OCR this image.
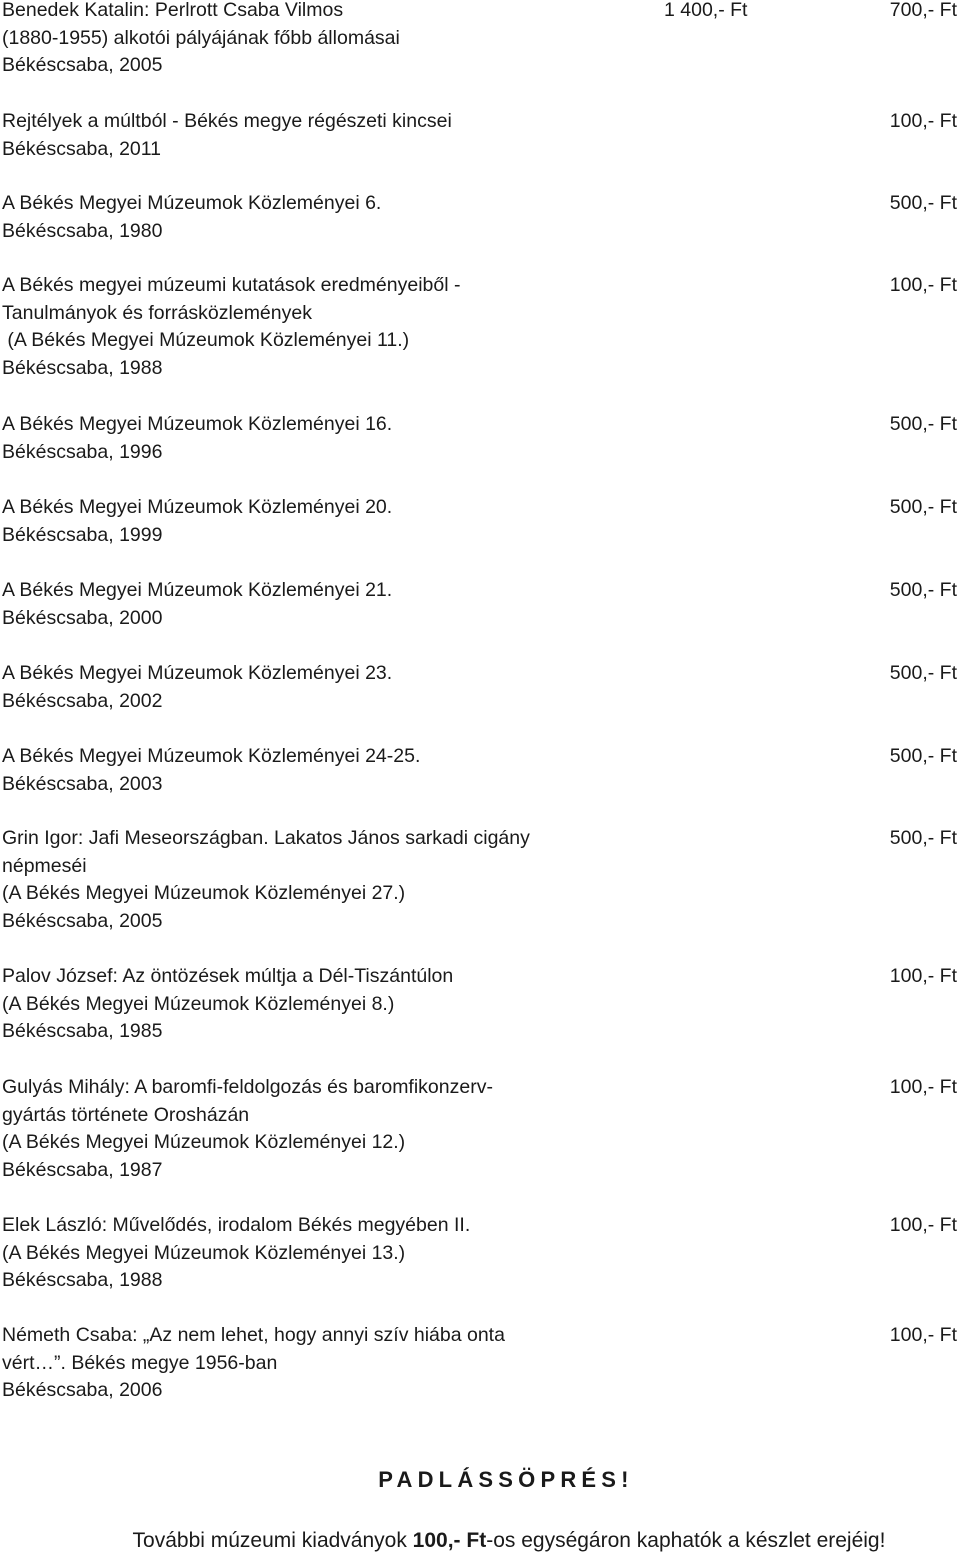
Benedek Katalin: Perlrott Csaba Vilmos
(1880-1955) alkotói pályájának főbb állomásai
Békéscsaba, 2005
1 400,- Ft	700,- Ft
Rejtélyek a múltból - Békés megye régészeti kincsei
Békéscsaba, 2011
100,- Ft
A Békés Megyei Múzeumok Közleményei 6.
Békéscsaba, 1980
500,- Ft
A Békés megyei múzeumi kutatások eredményeiből -
Tanulmányok és forrásközlemények
(A Békés Megyei Múzeumok Közleményei 11.)
Békéscsaba, 1988
100,- Ft
A Békés Megyei Múzeumok Közleményei 16.
Békéscsaba, 1996
500,- Ft
A Békés Megyei Múzeumok Közleményei 20.
Békéscsaba, 1999
500,- Ft
A Békés Megyei Múzeumok Közleményei 21.
Békéscsaba, 2000
500,- Ft
A Békés Megyei Múzeumok Közleményei 23.
Békéscsaba, 2002
500,- Ft
A Békés Megyei Múzeumok Közleményei 24-25.
Békéscsaba, 2003
500,- Ft
Grin Igor: Jafi Meseországban. Lakatos János sarkadi cigány
népmeséi
(A Békés Megyei Múzeumok Közleményei 27.)
Békéscsaba, 2005
500,- Ft
Palov József: Az öntözések múltja a Dél-Tiszántúlon
(A Békés Megyei Múzeumok Közleményei 8.)
Békéscsaba, 1985
100,- Ft
Gulyás Mihály: A baromfi-feldolgozás és baromfikonzerv-
gyártás története Orosházán
(A Békés Megyei Múzeumok Közleményei 12.)
Békéscsaba, 1987
100,- Ft
Elek László: Művelődés, irodalom Békés megyében II.
(A Békés Megyei Múzeumok Közleményei 13.)
Békéscsaba, 1988
100,- Ft
Németh Csaba: „Az nem lehet, hogy annyi szív hiába onta
vért…”. Békés megye 1956-ban
Békéscsaba, 2006
100,- Ft
PADLÁSSÖPRÉS!
További múzeumi kiadványok 100,- Ft-os egységáron kaphatók a készlet erejéig!
